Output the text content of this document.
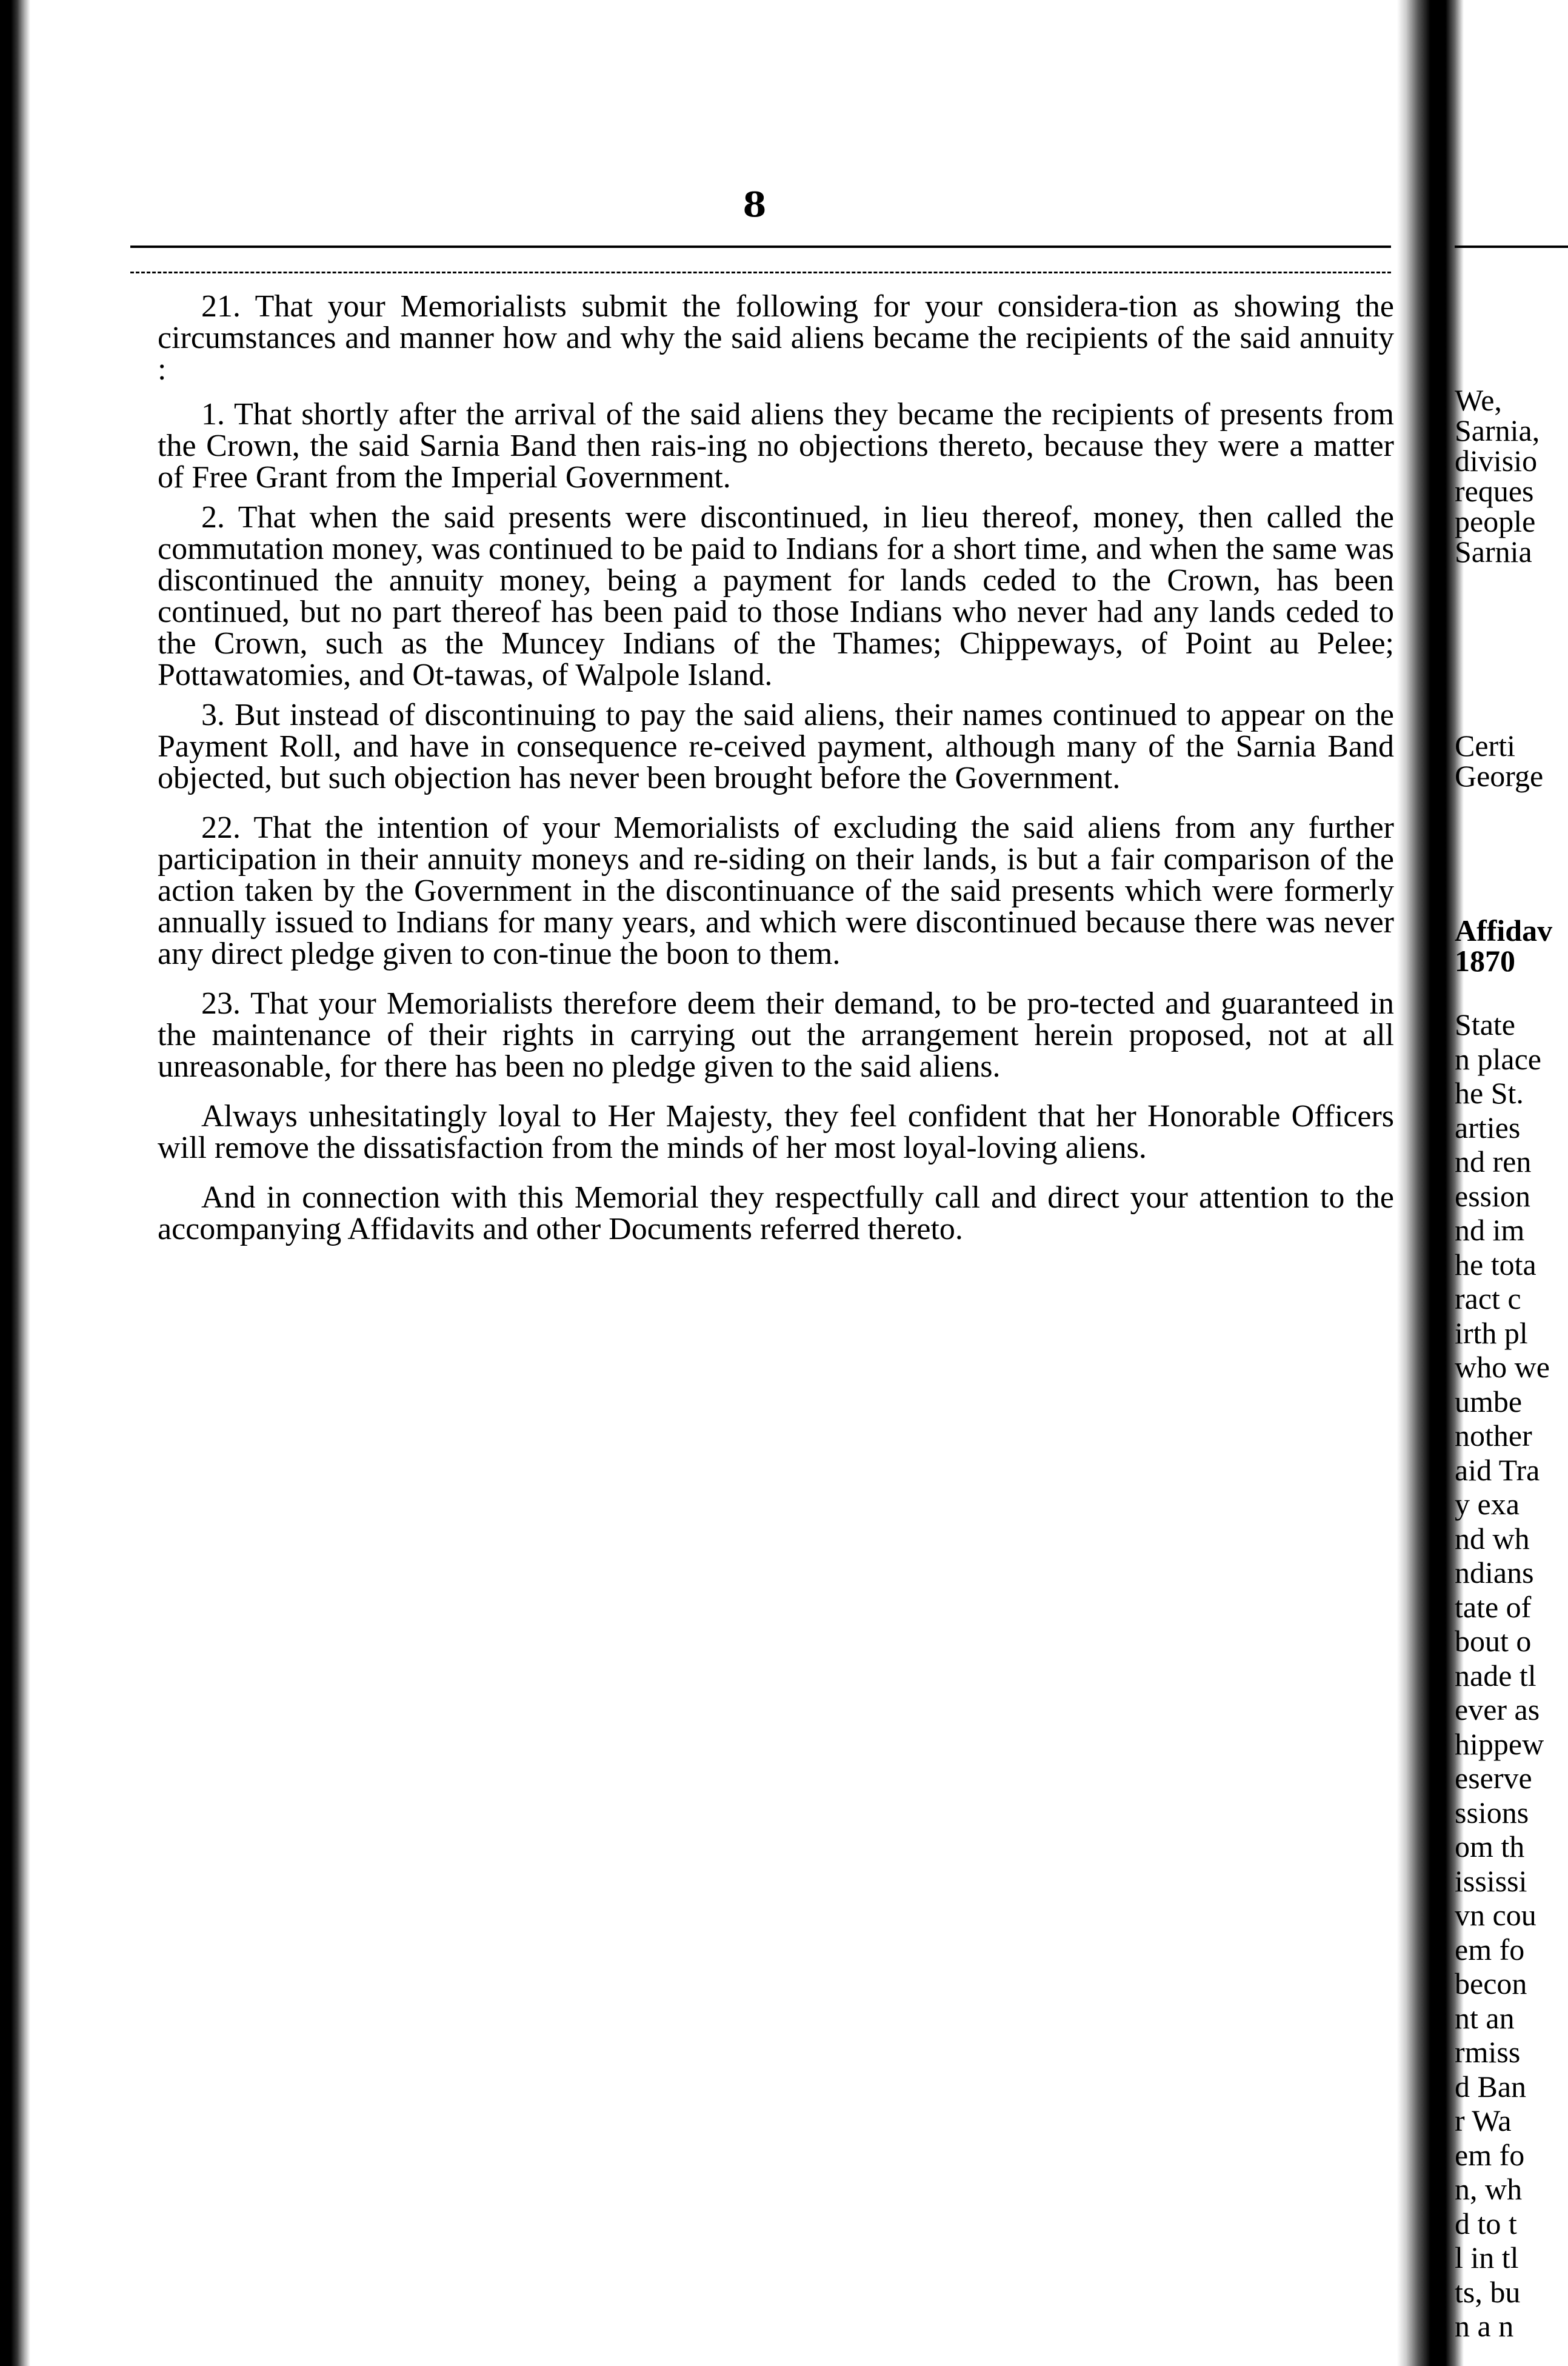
8

21. That your Memorialists submit the following for your considera-tion as showing the circumstances and manner how and why the said aliens became the recipients of the said annuity :

1. That shortly after the arrival of the said aliens they became the recipients of presents from the Crown, the said Sarnia Band then rais-ing no objections thereto, because they were a matter of Free Grant from the Imperial Government.

2. That when the said presents were discontinued, in lieu thereof, money, then called the commutation money, was continued to be paid to Indians for a short time, and when the same was discontinued the annuity money, being a payment for lands ceded to the Crown, has been continued, but no part thereof has been paid to those Indians who never had any lands ceded to the Crown, such as the Muncey Indians of the Thames; Chippeways, of Point au Pelee; Pottawatomies, and Ot-tawas, of Walpole Island.

3. But instead of discontinuing to pay the said aliens, their names continued to appear on the Payment Roll, and have in consequence re-ceived payment, although many of the Sarnia Band objected, but such objection has never been brought before the Government.

22. That the intention of your Memorialists of excluding the said aliens from any further participation in their annuity moneys and re-siding on their lands, is but a fair comparison of the action taken by the Government in the discontinuance of the said presents which were formerly annually issued to Indians for many years, and which were discontinued because there was never any direct pledge given to con-tinue the boon to them.

23. That your Memorialists therefore deem their demand, to be pro-tected and guaranteed in the maintenance of their rights in carrying out the arrangement herein proposed, not at all unreasonable, for there has been no pledge given to the said aliens.

Always unhesitatingly loyal to Her Majesty, they feel confident that her Honorable Officers will remove the dissatisfaction from the minds of her most loyal-loving aliens.

And in connection with this Memorial they respectfully call and direct your attention to the accompanying Affidavits and other Documents referred thereto.

We,
Sarnia,
divisio
reques
people
Sarnia
Certi
George
Affidav
1870
State
n place
he St.
arties
nd ren
ession
nd im
he tota
ract c
irth pl
who we
umbe
nother
aid Tra
y exa
nd wh
ndians
tate of
bout o
nade tl
ever as
hippew
eserve
ssions
om th
ississi
vn cou
em fo
becon
nt an
rmiss
d Ban
r Wa
em fo
n, wh
d to t
l in tl
ts, bu
n a n
